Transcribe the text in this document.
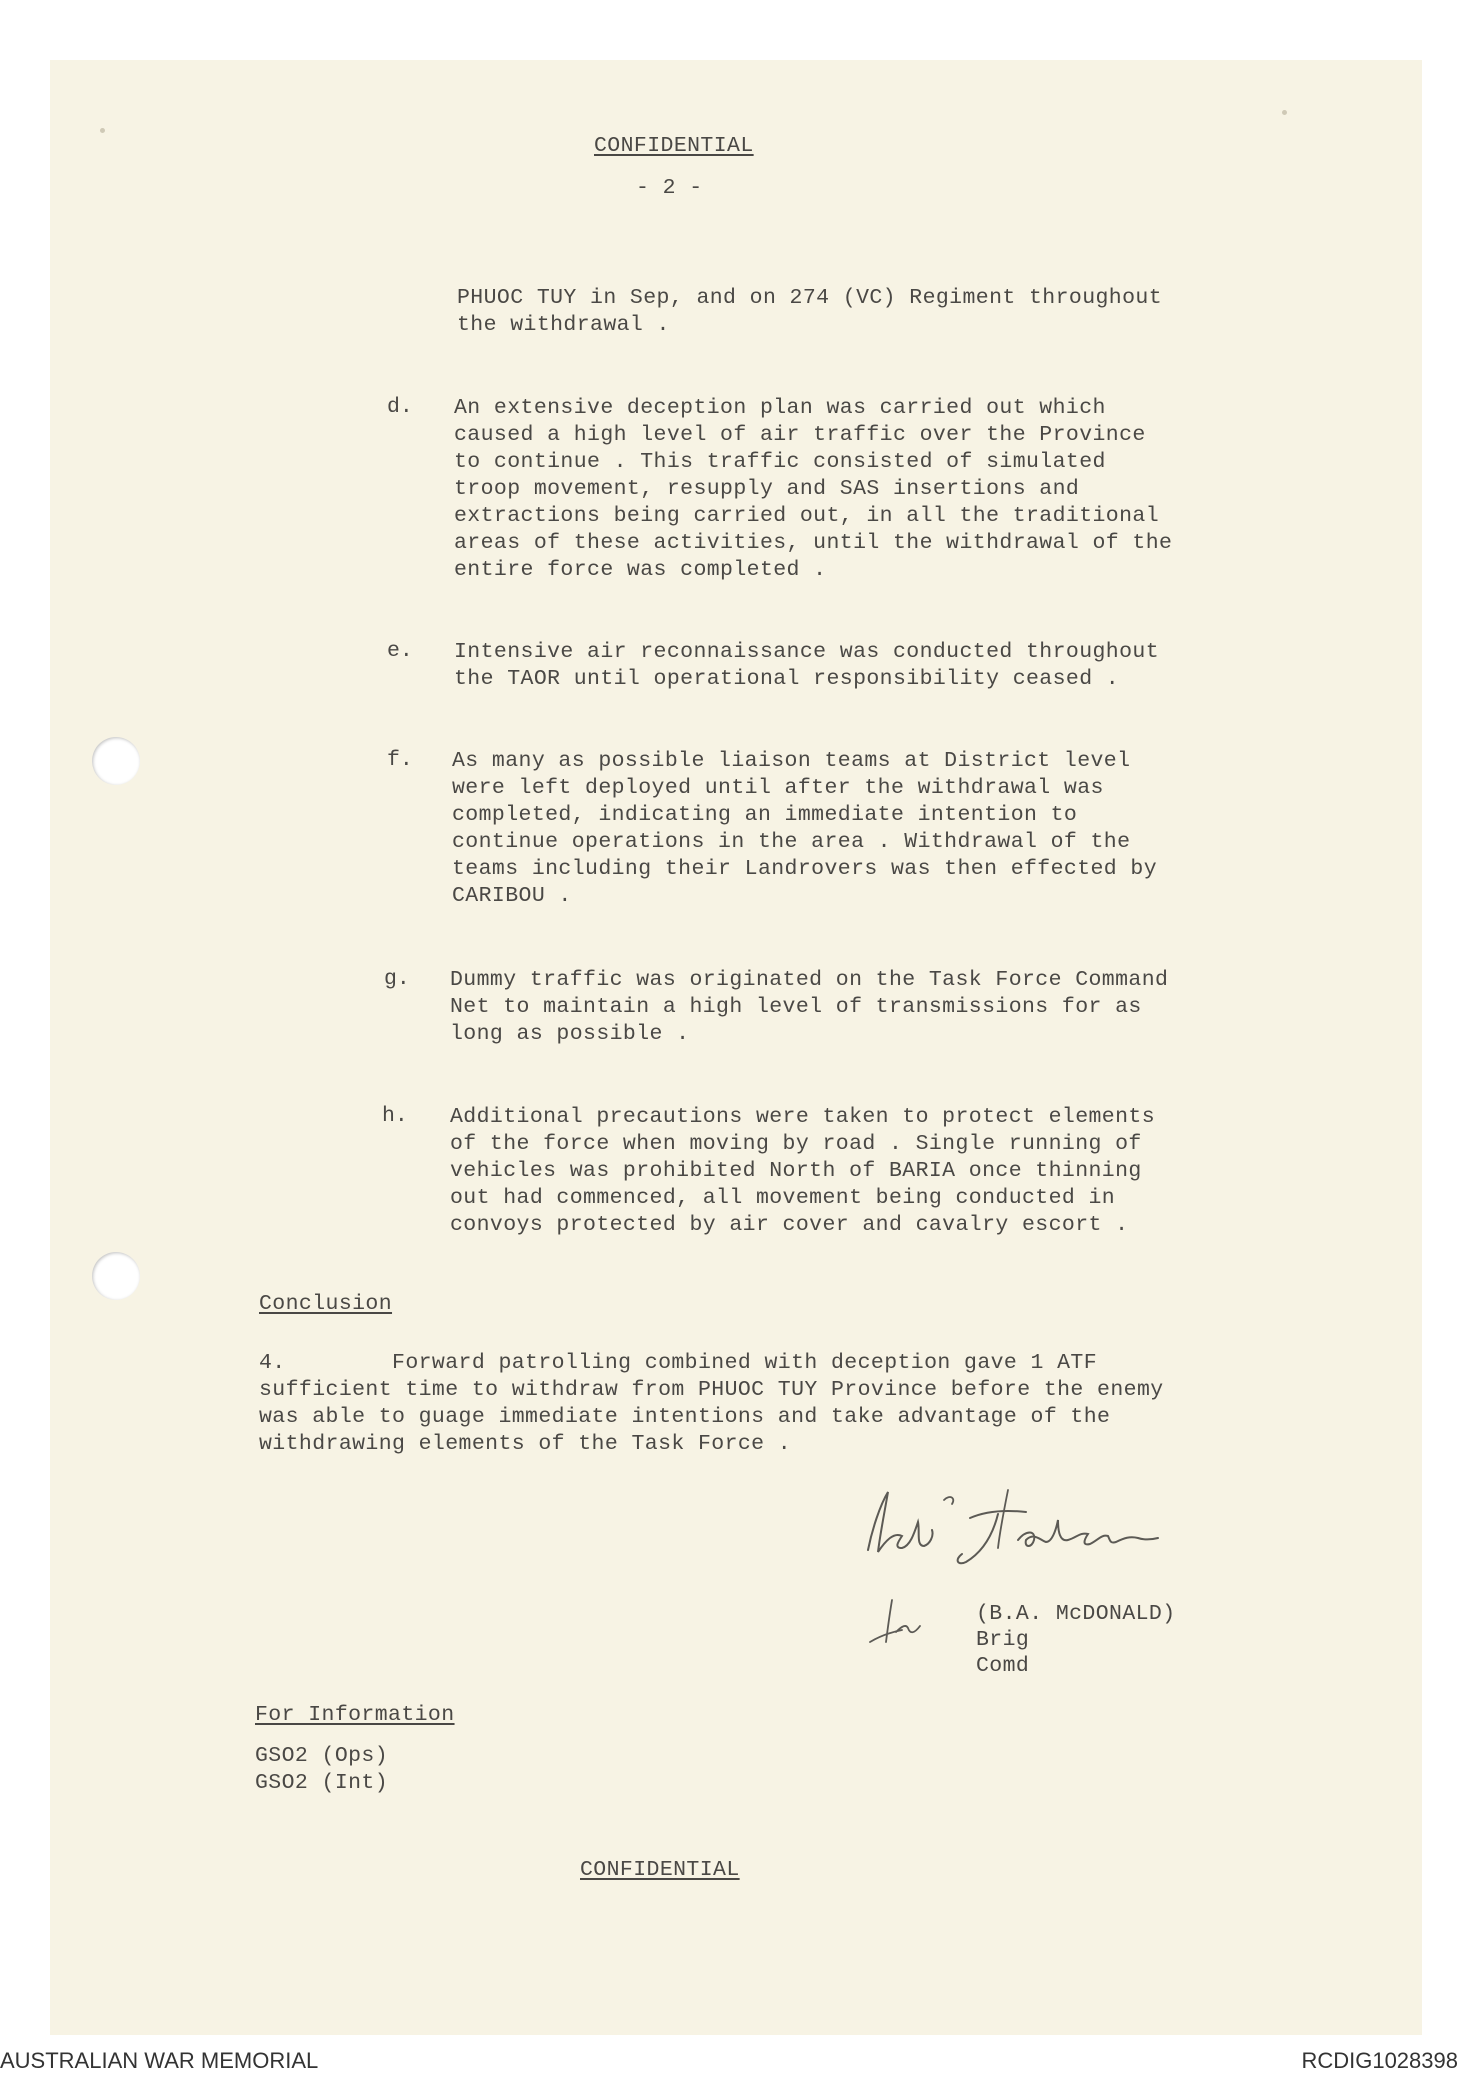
CONFIDENTIAL
- 2 -
PHUOC TUY in Sep, and on 274 (VC) Regiment throughout
the withdrawal .
d. An extensive deception plan was carried out which
caused a high level of air traffic over the Province
to continue . This traffic consisted of simulated
troop movement, resupply and SAS insertions and
extractions being carried out, in all the traditional
areas of these activities, until the withdrawal of the
entire force was completed .
e. Intensive air reconnaissance was conducted throughout
the TAOR until operational responsibility ceased .
f. As many as possible liaison teams at District level
were left deployed until after the withdrawal was
completed, indicating an immediate intention to
continue operations in the area . Withdrawal of the
teams including their Landrovers was then effected by
CARIBOU .
g. Dummy traffic was originated on the Task Force Command
Net to maintain a high level of transmissions for as
long as possible .
h. Additional precautions were taken to protect elements
of the force when moving by road . Single running of
vehicles was prohibited North of BARIA once thinning
out had commenced, all movement being conducted in
convoys protected by air cover and cavalry escort .
Conclusion
4.        Forward patrolling combined with deception gave 1 ATF
sufficient time to withdraw from PHUOC TUY Province before the enemy
was able to guage immediate intentions and take advantage of the
withdrawing elements of the Task Force .
(B.A. McDONALD)
Brig
Comd
For Information
GSO2 (Ops)
GSO2 (Int)
CONFIDENTIAL
AUSTRALIAN WAR MEMORIAL	RCDIG1028398
